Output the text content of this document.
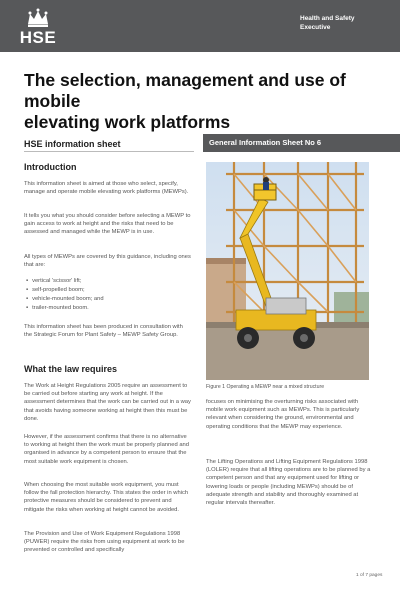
HSE
Health and Safety
Executive
The selection, management and use of mobile
elevating work platforms
HSE information sheet	General Information Sheet No 6
Introduction
This information sheet is aimed at those who select, specify, manage and operate mobile elevating work platforms (MEWPs).
It tells you what you should consider before selecting a MEWP to gain access to work at height and the risks that need to be assessed and managed while the MEWP is in use.
All types of MEWPs are covered by this guidance, including ones that are:
▪ vertical 'scissor' lift;
▪ self-propelled boom;
▪ vehicle-mounted boom; and
▪ trailer-mounted boom.
This information sheet has been produced in consultation with the Strategic Forum for Plant Safety – MEWP Safety Group.
What the law requires
The Work at Height Regulations 2005 require an assessment to be carried out before starting any work at height. If the assessment determines that the work can be carried out in a way that avoids having someone working at height then this must be done.
However, if the assessment confirms that there is no alternative to working at height then the work must be properly planned and organised in advance by a competent person to ensure that the most suitable work equipment is chosen.
When choosing the most suitable work equipment, you must follow the fall protection hierarchy. This states the order in which protective measures should be considered to prevent and mitigate the risks when working at height cannot be avoided.
The Provision and Use of Work Equipment Regulations 1998 (PUWER) require the risks from using equipment at work to be prevented or controlled and specifically
Figure 1 Operating a MEWP near a mixed structure
focuses on minimising the overturning risks associated with mobile work equipment such as MEWPs. This is particularly relevant when considering the ground, environmental and operating conditions that the MEWP may experience.
The Lifting Operations and Lifting Equipment Regulations 1998 (LOLER) require that all lifting operations are to be planned by a competent person and that any equipment used for lifting or lowering loads or people (including MEWPs) should be of adequate strength and stability and thoroughly examined at regular intervals thereafter.
1 of 7 pages
